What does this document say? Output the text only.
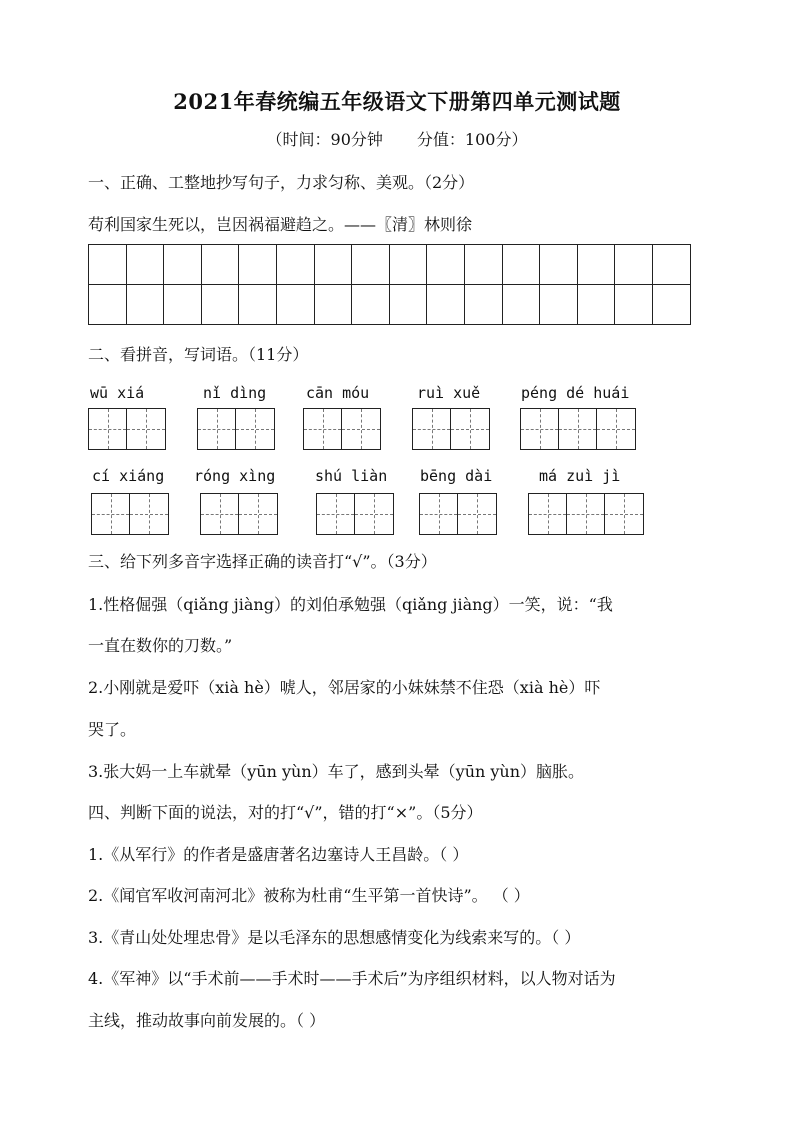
2021年春统编五年级语文下册第四单元测试题
（时间：90分钟 分值：100分）
一、正确、工整地抄写句子，力求匀称、美观。（2分）
苟利国家生死以，岂因祸福避趋之。——〖清〗林则徐

二、看拼音，写词语。（11分）
wū xiá	nǐ dìng	cān móu	ruì xuě	péng dé huái
cí xiáng róng xìng	shú liàn bēng dài	má zuì jì
三、给下列多音字选择正确的读音打“√”。（3分）
1.性格倔强（qiǎng jiàng）的刘伯承勉强（qiǎng jiàng）一笑，说：“我
一直在数你的刀数。”
2.小刚就是爱吓（xià hè）唬人，邻居家的小妹妹禁不住恐（xià hè）吓
哭了。
3.张大妈一上车就晕（yūn yùn）车了，感到头晕（yūn yùn）脑胀。
四、判断下面的说法，对的打“√”，错的打“×”。（5分）
1.《从军行》的作者是盛唐著名边塞诗人王昌龄。（ ）
2.《闻官军收河南河北》被称为杜甫“生平第一首快诗”。 （ ）
3.《青山处处埋忠骨》是以毛泽东的思想感情变化为线索来写的。（ ）
4.《军神》以“手术前——手术时——手术后”为序组织材料，以人物对话为
主线，推动故事向前发展的。（ ）
